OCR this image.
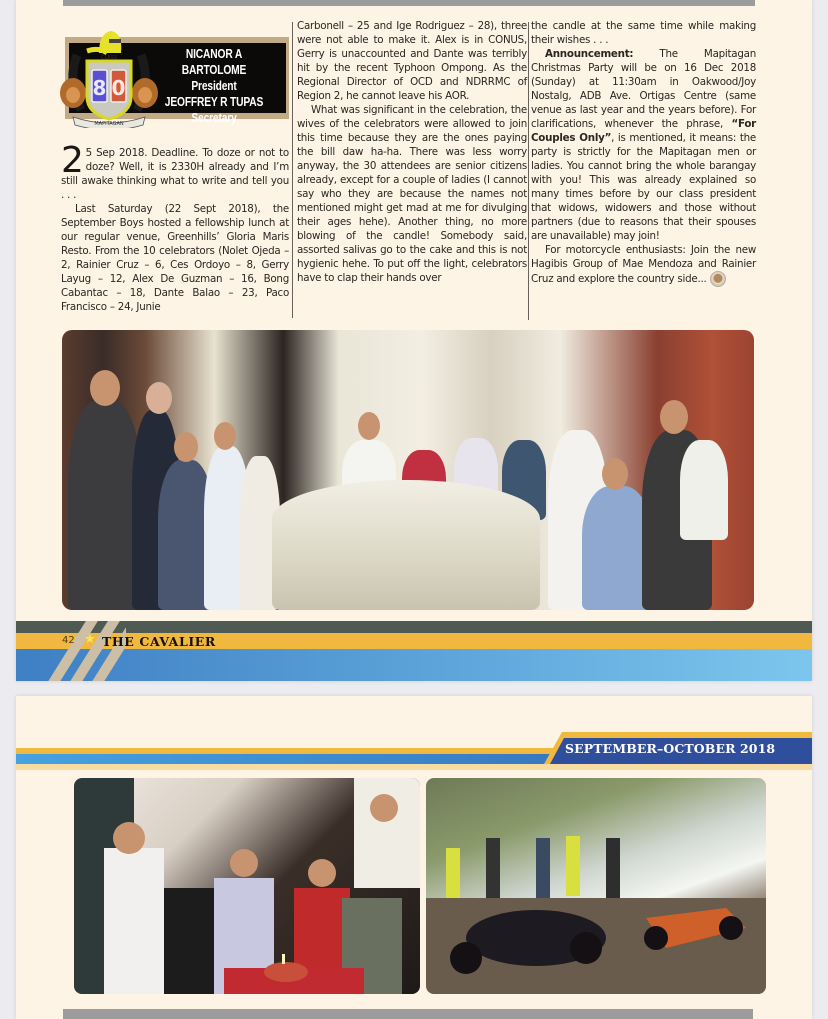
CLASS
8 0
MAPITAGAN
NICANOR A BARTOLOME
President
JEOFFREY R TUPAS
Secretary

2 5 Sep 2018. Deadline. To doze or not to doze? Well, it is 2330H already and I’m still awake thinking what to write and tell you . . .

Last Saturday (22 Sept 2018), the September Boys hosted a fellowship lunch at our regular venue, Greenhills’ Gloria Maris Resto. From the 10 celebrators (Nolet Ojeda – 2, Rainier Cruz – 6, Ces Ordoyo – 8, Gerry Layug – 12, Alex De Guzman – 16, Bong Cabantac – 18, Dante Balao – 23, Paco Francisco – 24, Junie

Carbonell – 25 and Ige Rodriguez – 28), three were not able to make it. Alex is in CONUS, Gerry is unaccounted and Dante was terribly hit by the recent Typhoon Ompong. As the Regional Director of OCD and NDRRMC of Region 2, he cannot leave his AOR.

What was significant in the celebration, the wives of the celebrators were allowed to join this time because they are the ones paying the bill daw ha-ha. There was less worry anyway, the 30 attendees are senior citizens already, except for a couple of ladies (I cannot say who they are because the names not mentioned might get mad at me for divulging their ages hehe). Another thing, no more blowing of the candle! Somebody said, assorted salivas go to the cake and this is not hygienic hehe. To put off the light, celebrators have to clap their hands over

the candle at the same time while making their wishes . . .

Announcement: The Mapitagan Christmas Party will be on 16 Dec 2018 (Sunday) at 11:30am in Oakwood/Joy Nostalg, ADB Ave. Ortigas Centre (same venue as last year and the years before). For clarifications, whenever the phrase, “For Couples Only”, is mentioned, it means: the party is strictly for the Mapitagan men or ladies. You cannot bring the whole barangay with you! This was already explained so many times before by our class president that widows, widowers and those without partners (due to reasons that their spouses are unavailable) may join!

For motorcycle enthusiasts: Join the new Hagibis Group of Mae Mendoza and Rainier Cruz and explore the country side...

42 ★ THE CAVALIER
SEPTEMBER–OCTOBER 2018
